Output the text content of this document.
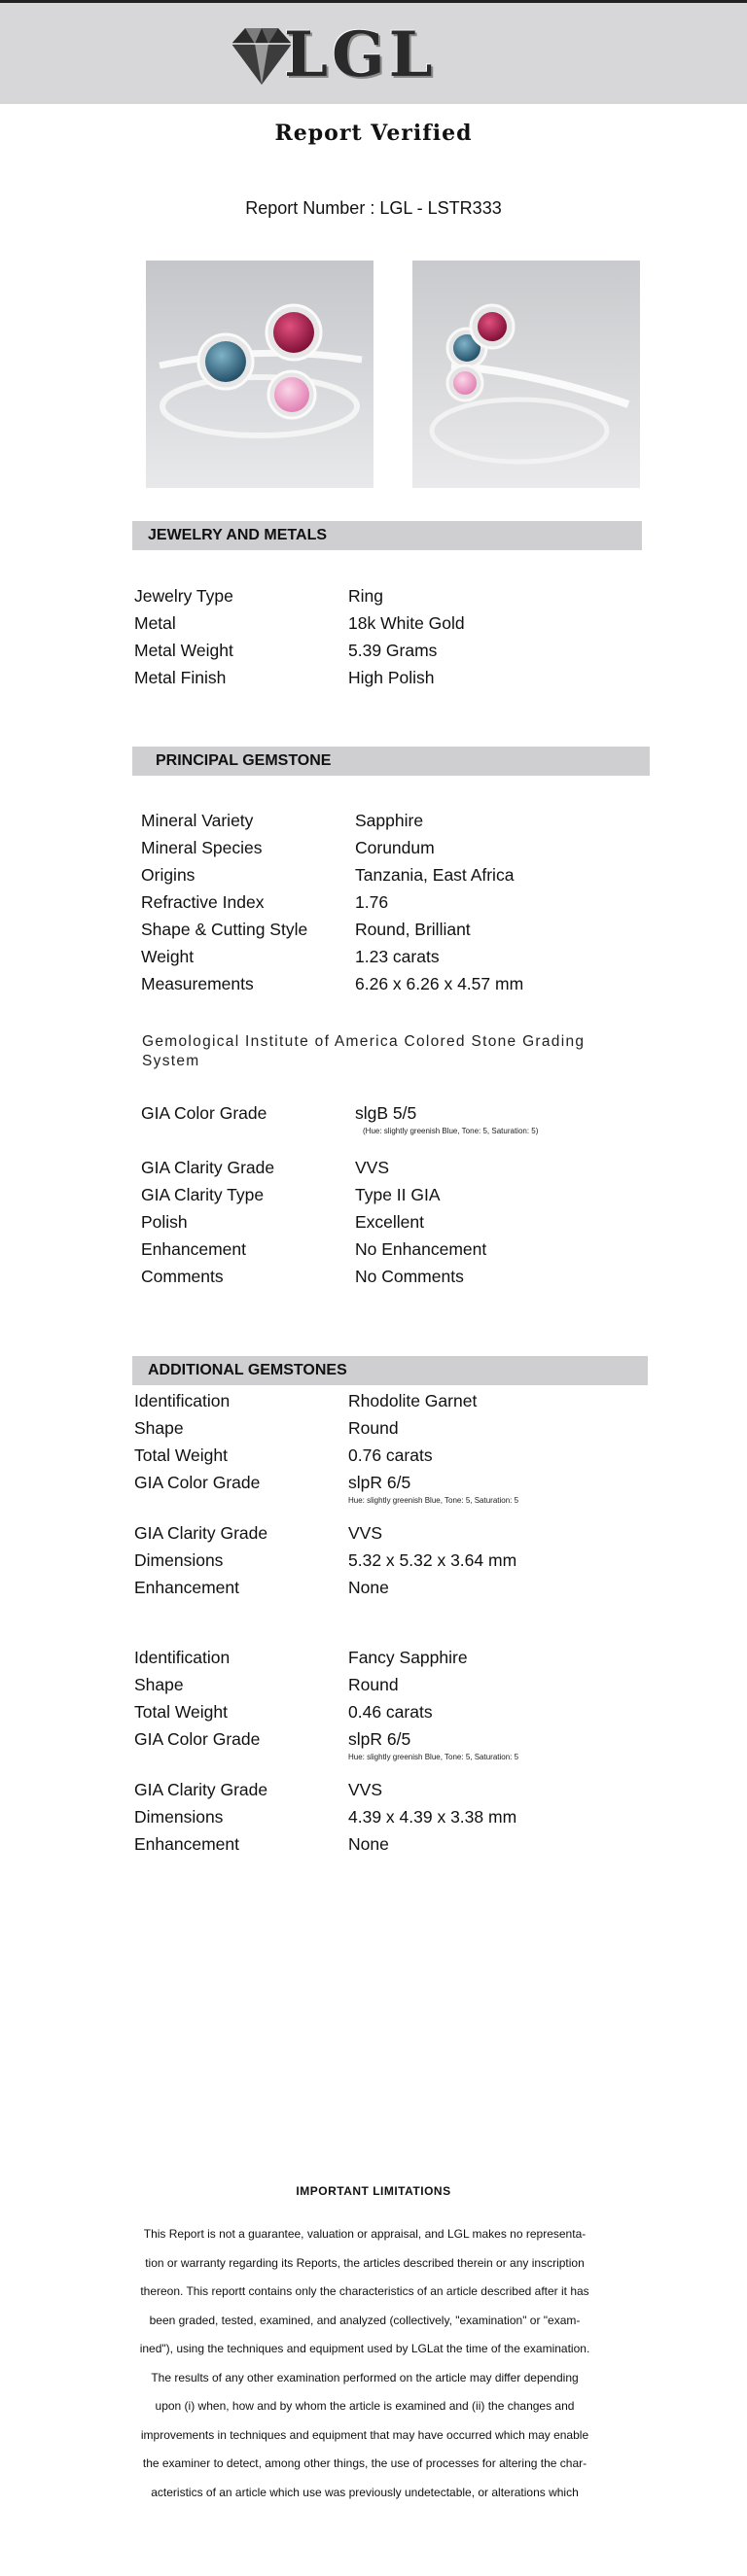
LGL
Report Verified
Report Number : LGL - LSTR333
JEWELRY AND METALS
Jewelry Type	Ring
Metal	18k White Gold
Metal Weight	5.39 Grams
Metal Finish	High Polish
PRINCIPAL GEMSTONE
Mineral Variety	Sapphire
Mineral Species	Corundum
Origins	Tanzania, East Africa
Refractive Index	1.76
Shape & Cutting Style	Round, Brilliant
Weight	1.23 carats
Measurements	6.26 x 6.26 x 4.57 mm
Gemological Institute of America Colored Stone Grading System
GIA Color Grade	slgB 5/5
(Hue: slightly greenish Blue, Tone: 5, Saturation: 5)
GIA Clarity Grade	VVS
GIA Clarity Type	Type II GIA
Polish	Excellent
Enhancement	No Enhancement
Comments	No Comments
ADDITIONAL GEMSTONES
Identification	Rhodolite Garnet
Shape	Round
Total Weight	0.76 carats
GIA Color Grade	slpR 6/5
Hue: slightly greenish Blue, Tone: 5, Saturation: 5
GIA Clarity Grade	VVS
Dimensions	5.32 x 5.32 x 3.64 mm
Enhancement	None
Identification	Fancy Sapphire
Shape	Round
Total Weight	0.46 carats
GIA Color Grade	slpR 6/5
Hue: slightly greenish Blue, Tone: 5, Saturation: 5
GIA Clarity Grade	VVS
Dimensions	4.39 x 4.39 x 3.38 mm
Enhancement	None
IMPORTANT LIMITATIONS

This Report is not a guarantee, valuation or appraisal, and LGL makes no representa-

tion or warranty regarding its Reports, the articles described therein or any inscription

thereon. This reportt contains only the characteristics of an article described after it has

been graded, tested, examined, and analyzed (collectively, "examination" or "exam-

ined"), using the techniques and equipment used by LGLat the time of the examination.

The results of any other examination performed on the article may differ depending

upon (i) when, how and by whom the article is examined and (ii) the changes and

improvements in techniques and equipment that may have occurred which may enable

the examiner to detect, among other things, the use of processes for altering the char-

acteristics of an article which use was previously undetectable, or alterations which
